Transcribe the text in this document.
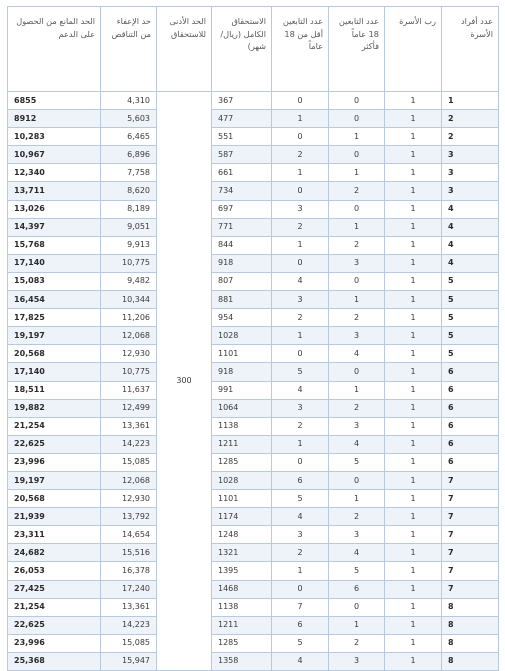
عدد أفراد الأسرة	رب الأسرة	عدد التابعين 18 عاماً فأكثر	عدد التابعين أقل من 18 عاماً	الاستحقاق الكامل (ريال/شهر)	الحد الأدنى للاستحقاق	حد الإعفاء من التناقص	الحد المانع من الحصول على الدعم
1	1	0	0	367	300	4,310	6855
2	1	0	1	477		5,603	8912
2	1	1	0	551		6,465	10,283
3	1	0	2	587		6,896	10,967
3	1	1	1	661		7,758	12,340
3	1	2	0	734		8,620	13,711
4	1	0	3	697		8,189	13,026
4	1	1	2	771		9,051	14,397
4	1	2	1	844		9,913	15,768
4	1	3	0	918		10,775	17,140
5	1	0	4	807		9,482	15,083
5	1	1	3	881		10,344	16,454
5	1	2	2	954		11,206	17,825
5	1	3	1	1028		12,068	19,197
5	1	4	0	1101		12,930	20,568
6	1	0	5	918		10,775	17,140
6	1	1	4	991		11,637	18,511
6	1	2	3	1064		12,499	19,882
6	1	3	2	1138		13,361	21,254
6	1	4	1	1211		14,223	22,625
6	1	5	0	1285		15,085	23,996
7	1	0	6	1028		12,068	19,197
7	1	1	5	1101		12,930	20,568
7	1	2	4	1174		13,792	21,939
7	1	3	3	1248		14,654	23,311
7	1	4	2	1321		15,516	24,682
7	1	5	1	1395		16,378	26,053
7	1	6	0	1468		17,240	27,425
8	1	0	7	1138		13,361	21,254
8	1	1	6	1211		14,223	22,625
8	1	2	5	1285		15,085	23,996
8	1	3	4	1358		15,947	25,368
